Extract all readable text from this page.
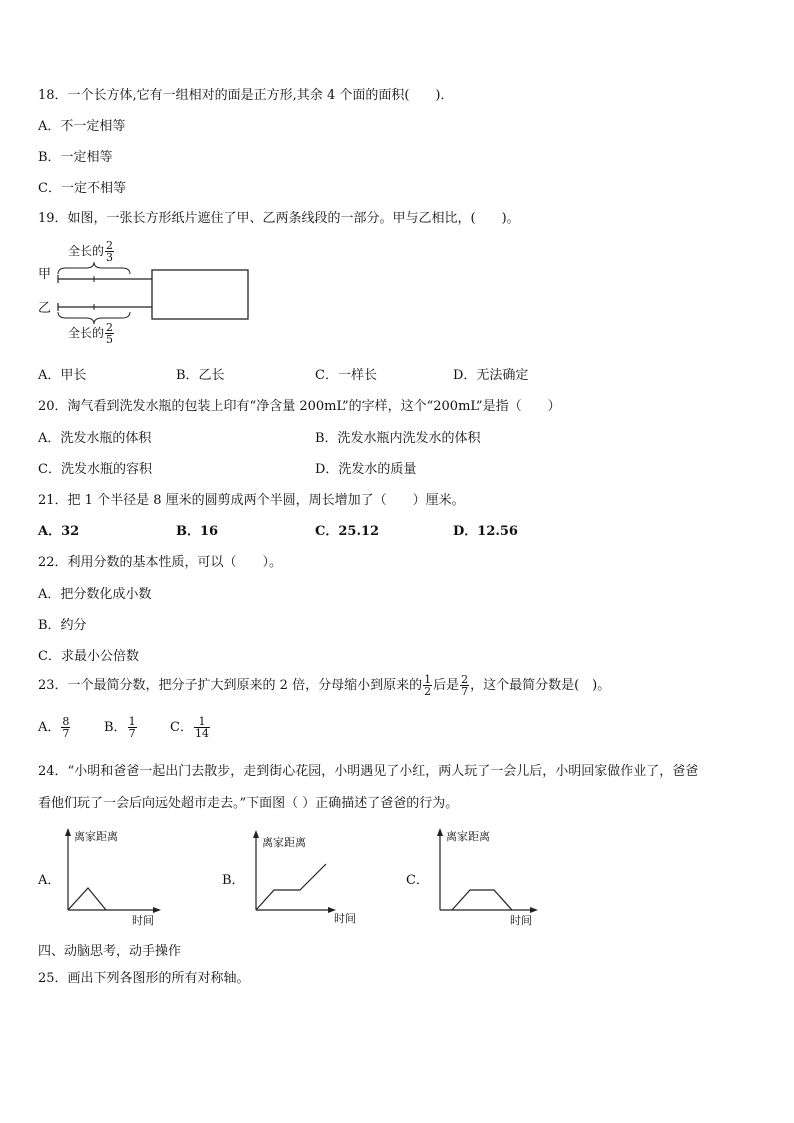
18．一个长方体,它有一组相对的面是正方形,其余 4 个面的面积(　　)．
A．不一定相等
B．一定相等
C．一定不相等
19．如图，一张长方形纸片遮住了甲、乙两条线段的一部分。甲与乙相比，(　　)。
甲
乙
全长的 $\frac{2}{3}$
全长的 $\frac{2}{5}$
A．甲长	B．乙长	C．一样长	D．无法确定
20．淘气看到洗发水瓶的包装上印有“净含量 200mL”的字样，这个“200mL”是指（　　）
A．洗发水瓶的体积	B．洗发水瓶内洗发水的体积
C．洗发水瓶的容积	D．洗发水的质量
21．把 1 个半径是 8 厘米的圆剪成两个半圆，周长增加了（　　）厘米。
A．32	B．16	C．25.12	D．12.56
22．利用分数的基本性质，可以（　　）。
A．把分数化成小数
B．约分
C．求最小公倍数
23．一个最简分数，把分子扩大到原来的 2 倍，分母缩小到原来的 $\frac{1}{2}$ 后是 $\frac{2}{7}$ ，这个最简分数是(　)。
A． $\frac{8}{7}$	B． $\frac{1}{7}$	C． $\frac{1}{14}$
24．“小明和爸爸一起出门去散步，走到街心花园，小明遇见了小红，两人玩了一会儿后，小明回家做作业了，爸爸
看他们玩了一会后向远处超市走去。”下面图（ ）正确描述了爸爸的行为。
A．
离家距离
时间
B．
离家距离
时间
C．
离家距离
时间
四、动脑思考，动手操作
25．画出下列各图形的所有对称轴。
